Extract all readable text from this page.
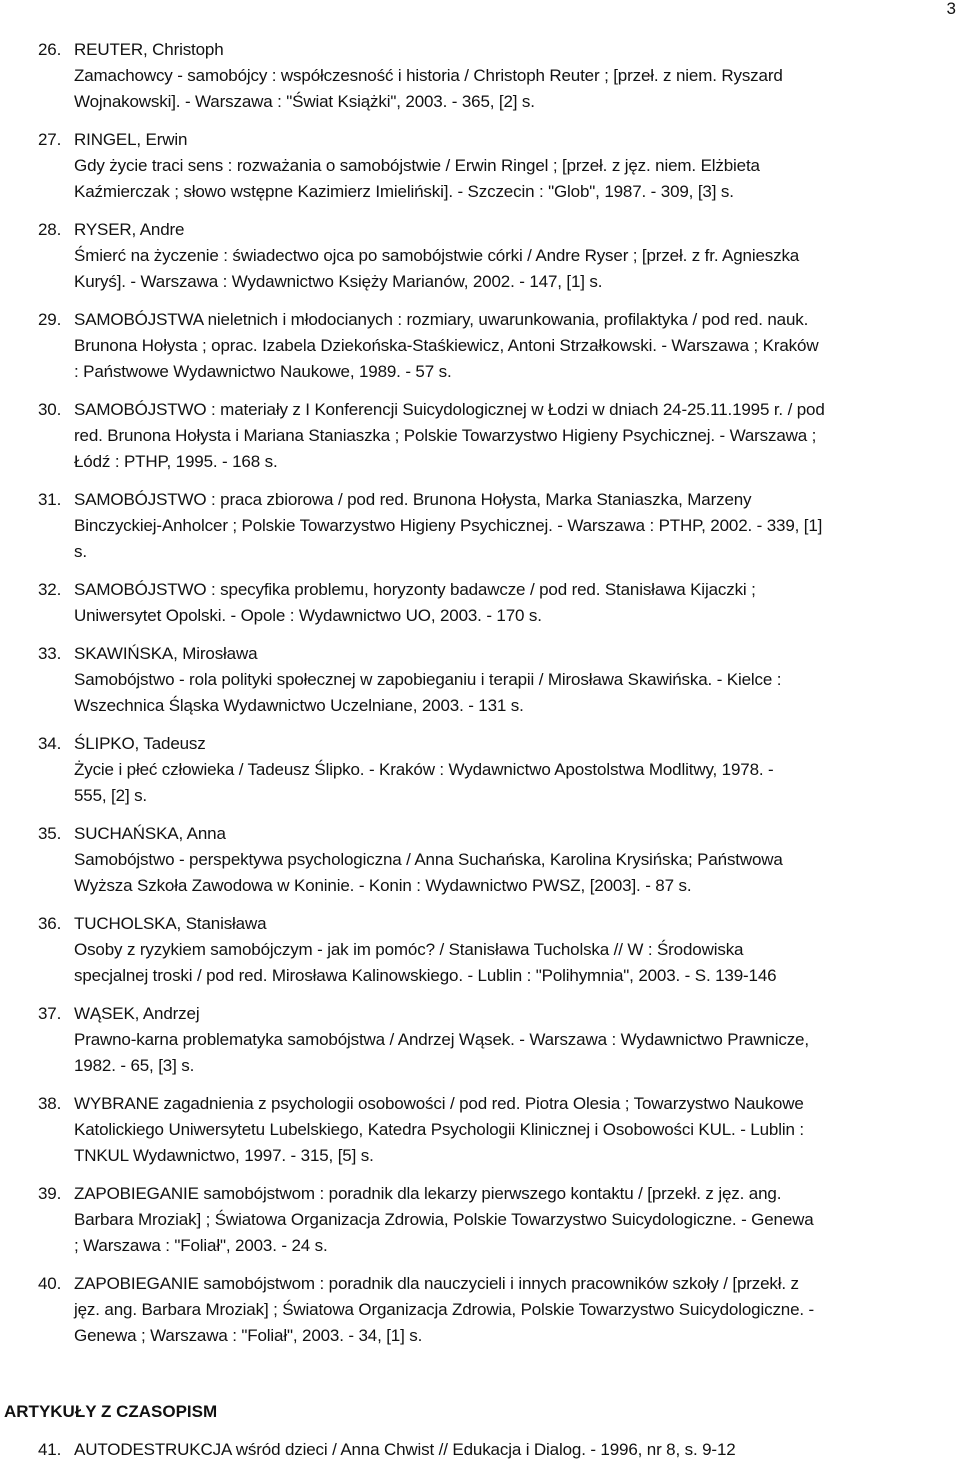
3
26. REUTER, Christoph
Zamachowcy - samobójcy : współczesność i historia / Christoph Reuter ; [przeł. z niem. Ryszard
Wojnakowski]. - Warszawa : "Świat Książki", 2003. - 365, [2] s.
27. RINGEL, Erwin
Gdy życie traci sens : rozważania o samobójstwie / Erwin Ringel ; [przeł. z jęz. niem. Elżbieta
Kaźmierczak ; słowo wstępne Kazimierz Imieliński]. - Szczecin : "Glob", 1987. - 309, [3] s.
28. RYSER, Andre
Śmierć na życzenie : świadectwo ojca po samobójstwie córki / Andre Ryser ; [przeł. z fr. Agnieszka
Kuryś]. - Warszawa : Wydawnictwo Księży Marianów, 2002. - 147, [1] s.
29. SAMOBÓJSTWA nieletnich i młodocianych : rozmiary, uwarunkowania, profilaktyka / pod red. nauk.
Brunona Hołysta ; oprac. Izabela Dziekońska-Staśkiewicz, Antoni Strzałkowski. - Warszawa ; Kraków
: Państwowe Wydawnictwo Naukowe, 1989. - 57 s.
30. SAMOBÓJSTWO : materiały z I Konferencji Suicydologicznej w Łodzi w dniach 24-25.11.1995 r. / pod
red. Brunona Hołysta i Mariana Staniaszka ; Polskie Towarzystwo Higieny Psychicznej. - Warszawa ;
Łódź : PTHP, 1995. - 168 s.
31. SAMOBÓJSTWO : praca zbiorowa / pod red. Brunona Hołysta, Marka Staniaszka, Marzeny
Binczyckiej-Anholcer ; Polskie Towarzystwo Higieny Psychicznej. - Warszawa : PTHP, 2002. - 339, [1]
s.
32. SAMOBÓJSTWO : specyfika problemu, horyzonty badawcze / pod red. Stanisława Kijaczki ;
Uniwersytet Opolski. - Opole : Wydawnictwo UO, 2003. - 170 s.
33. SKAWIŃSKA, Mirosława
Samobójstwo - rola polityki społecznej w zapobieganiu i terapii / Mirosława Skawińska. - Kielce :
Wszechnica Śląska Wydawnictwo Uczelniane, 2003. - 131 s.
34. ŚLIPKO, Tadeusz
Życie i płeć człowieka / Tadeusz Ślipko. - Kraków : Wydawnictwo Apostolstwa Modlitwy, 1978. -
555, [2] s.
35. SUCHAŃSKA, Anna
Samobójstwo - perspektywa psychologiczna / Anna Suchańska, Karolina Krysińska; Państwowa
Wyższa Szkoła Zawodowa w Koninie. - Konin : Wydawnictwo PWSZ, [2003]. - 87 s.
36. TUCHOLSKA, Stanisława
Osoby z ryzykiem samobójczym - jak im pomóc? / Stanisława Tucholska // W : Środowiska
specjalnej troski / pod red. Mirosława Kalinowskiego. - Lublin : "Polihymnia", 2003. - S. 139-146
37. WĄSEK, Andrzej
Prawno-karna problematyka samobójstwa / Andrzej Wąsek. - Warszawa : Wydawnictwo Prawnicze,
1982. - 65, [3] s.
38. WYBRANE zagadnienia z psychologii osobowości / pod red. Piotra Olesia ; Towarzystwo Naukowe
Katolickiego Uniwersytetu Lubelskiego, Katedra Psychologii Klinicznej i Osobowości KUL. - Lublin :
TNKUL Wydawnictwo, 1997. - 315, [5] s.
39. ZAPOBIEGANIE samobójstwom : poradnik dla lekarzy pierwszego kontaktu / [przekł. z jęz. ang.
Barbara Mroziak] ; Światowa Organizacja Zdrowia, Polskie Towarzystwo Suicydologiczne. - Genewa
; Warszawa : "Foliał", 2003. - 24 s.
40. ZAPOBIEGANIE samobójstwom : poradnik dla nauczycieli i innych pracowników szkoły / [przekł. z
jęz. ang. Barbara Mroziak] ; Światowa Organizacja Zdrowia, Polskie Towarzystwo Suicydologiczne. -
Genewa ; Warszawa : "Foliał", 2003. - 34, [1] s.
ARTYKUŁY Z CZASOPISM
41. AUTODESTRUKCJA wśród dzieci / Anna Chwist // Edukacja i Dialog. - 1996, nr 8, s. 9-12
